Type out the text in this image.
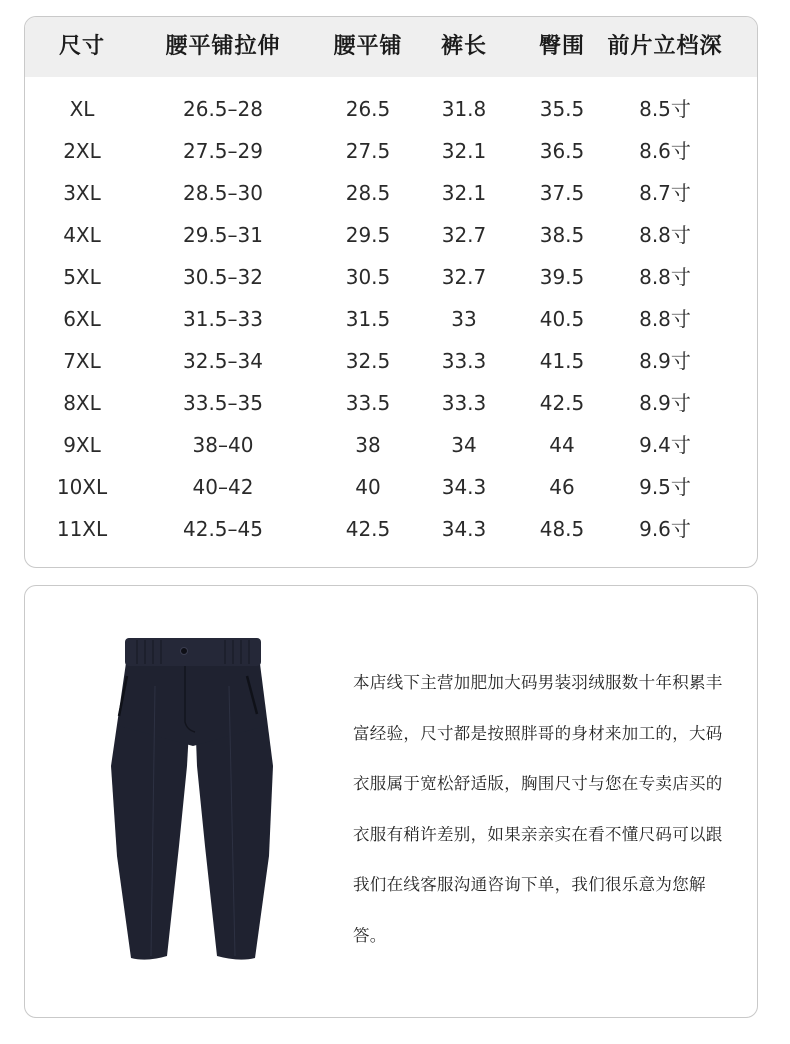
尺寸	腰平铺拉伸	腰平铺	裤长	臀围	前片立档深
XL	26.5–28	26.5	31.8	35.5	8.5寸
2XL	27.5–29	27.5	32.1	36.5	8.6寸
3XL	28.5–30	28.5	32.1	37.5	8.7寸
4XL	29.5–31	29.5	32.7	38.5	8.8寸
5XL	30.5–32	30.5	32.7	39.5	8.8寸
6XL	31.5–33	31.5	33	40.5	8.8寸
7XL	32.5–34	32.5	33.3	41.5	8.9寸
8XL	33.5–35	33.5	33.3	42.5	8.9寸
9XL	38–40	38	34	44	9.4寸
10XL	40–42	40	34.3	46	9.5寸
11XL	42.5–45	42.5	34.3	48.5	9.6寸

本店线下主营加肥加大码男装羽绒服数十年积累丰富经验，尺寸都是按照胖哥的身材来加工的，大码衣服属于宽松舒适版，胸围尺寸与您在专卖店买的衣服有稍许差别，如果亲亲实在看不懂尺码可以跟我们在线客服沟通咨询下单，我们很乐意为您解答。
